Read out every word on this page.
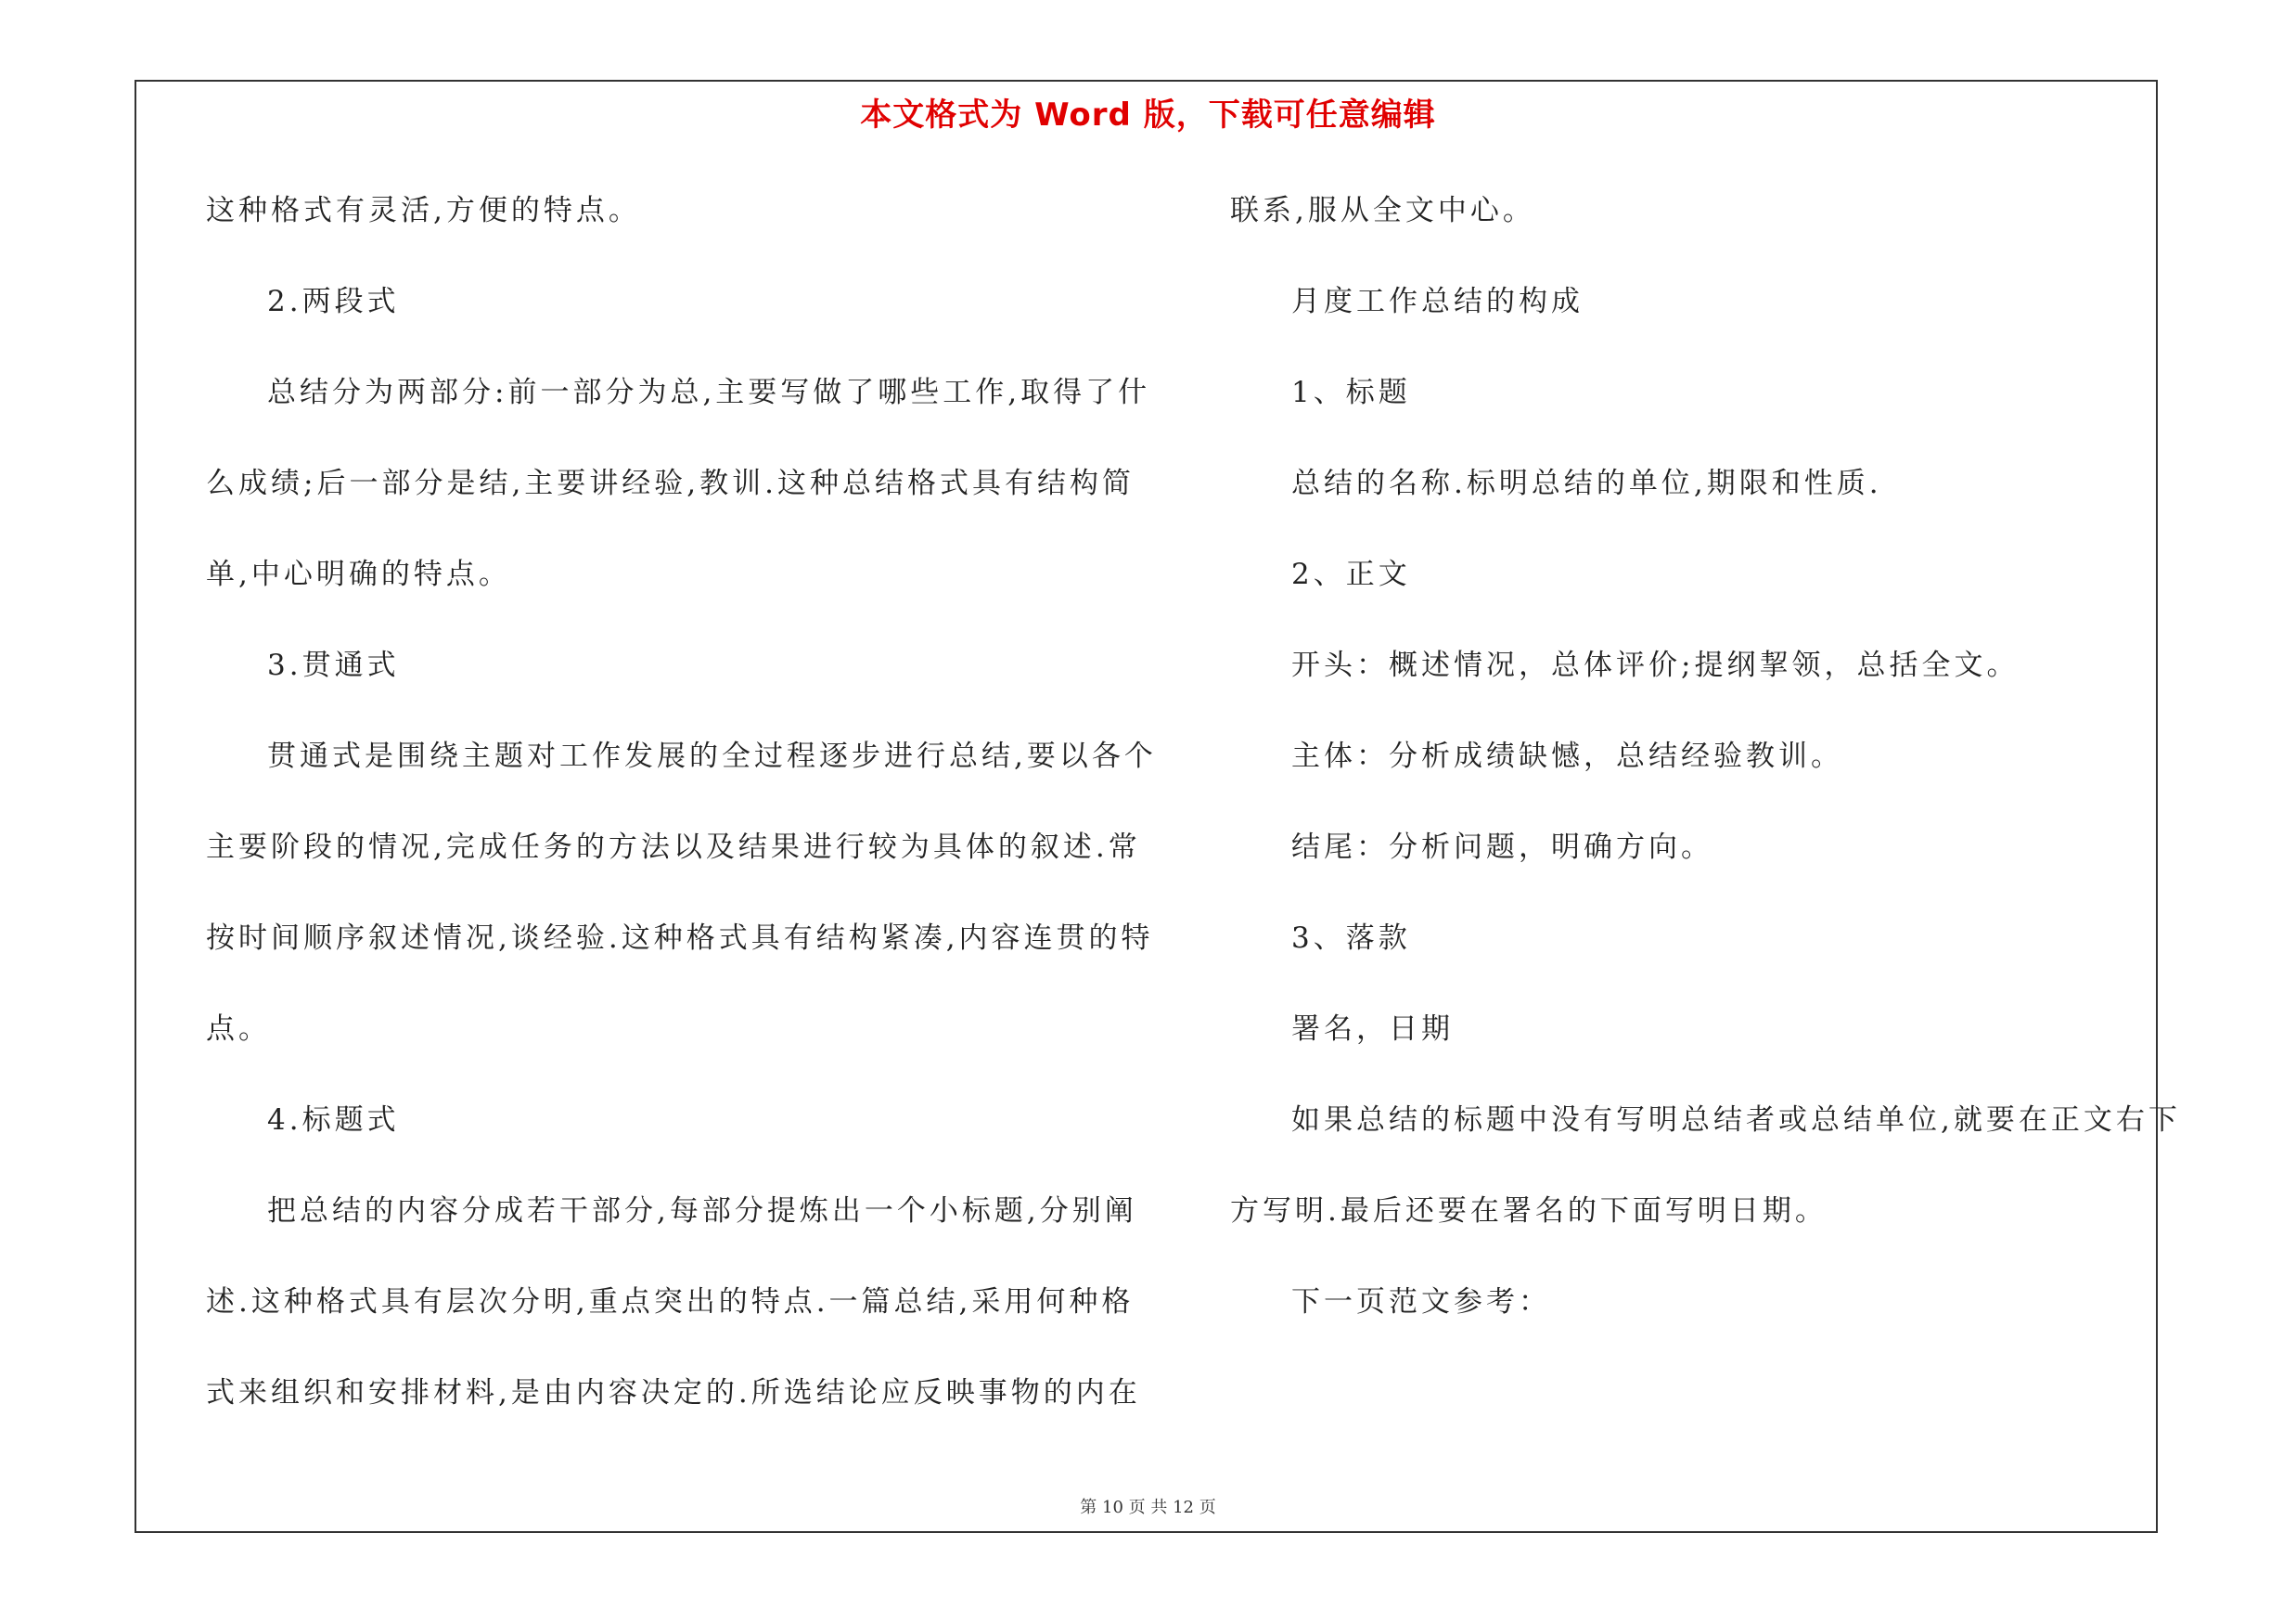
本文格式为 Word 版，下载可任意编辑
这种格式有灵活,方便的特点。
2.两段式
总结分为两部分:前一部分为总,主要写做了哪些工作,取得了什
么成绩;后一部分是结,主要讲经验,教训.这种总结格式具有结构简
单,中心明确的特点。
3.贯通式
贯通式是围绕主题对工作发展的全过程逐步进行总结,要以各个
主要阶段的情况,完成任务的方法以及结果进行较为具体的叙述.常
按时间顺序叙述情况,谈经验.这种格式具有结构紧凑,内容连贯的特
点。
4.标题式
把总结的内容分成若干部分,每部分提炼出一个小标题,分别阐
述.这种格式具有层次分明,重点突出的特点.一篇总结,采用何种格
式来组织和安排材料,是由内容决定的.所选结论应反映事物的内在
联系,服从全文中心。
月度工作总结的构成
1、标题
总结的名称.标明总结的单位,期限和性质.
2、正文
开头：概述情况，总体评价;提纲挈领，总括全文。
主体：分析成绩缺憾，总结经验教训。
结尾：分析问题，明确方向。
3、落款
署名，日期
如果总结的标题中没有写明总结者或总结单位,就要在正文右下
方写明.最后还要在署名的下面写明日期。
下一页范文参考：
第 10 页 共 12 页
